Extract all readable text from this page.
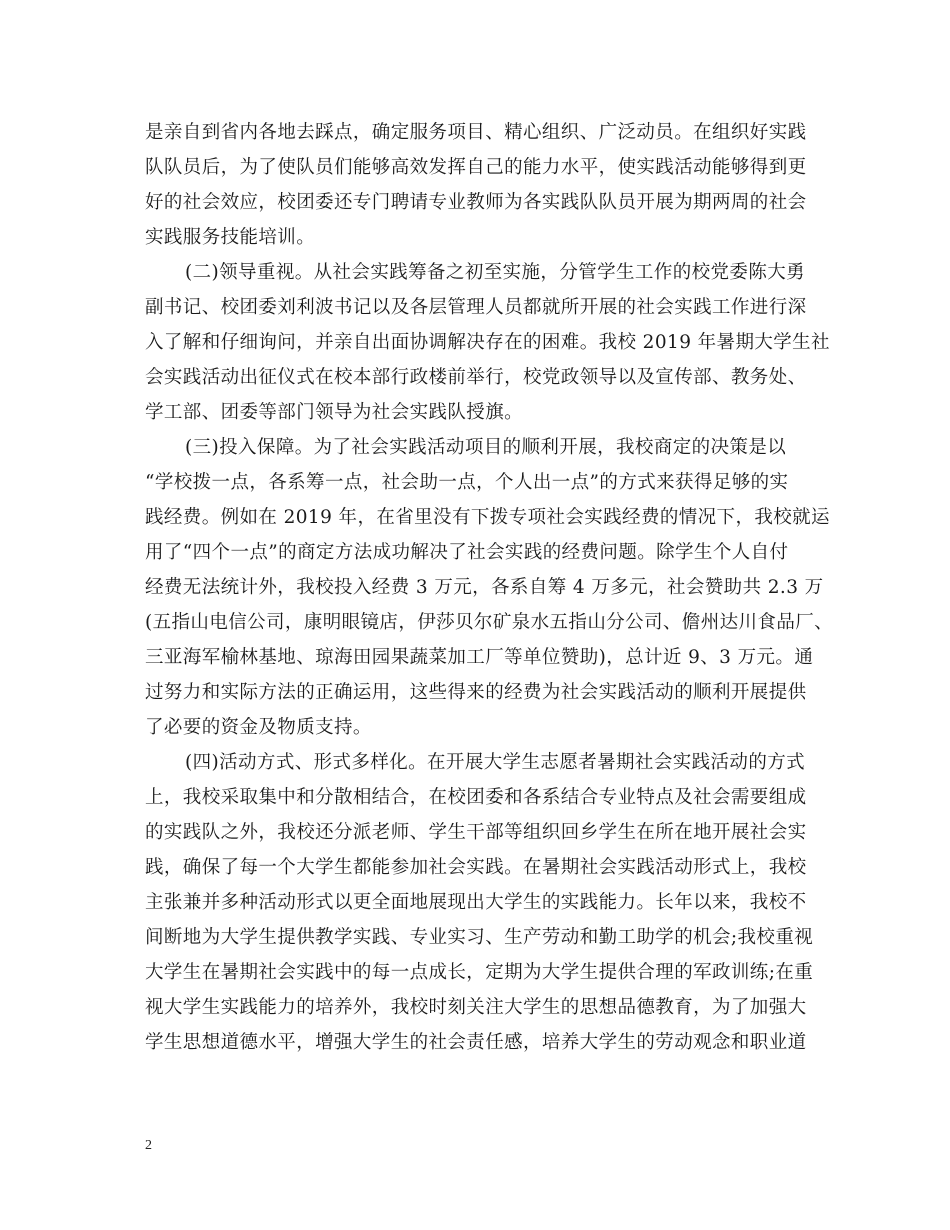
是亲自到省内各地去踩点，确定服务项目、精心组织、广泛动员。在组织好实践
队队员后，为了使队员们能够高效发挥自己的能力水平，使实践活动能够得到更
好的社会效应，校团委还专门聘请专业教师为各实践队队员开展为期两周的社会
实践服务技能培训。
(二)领导重视。从社会实践筹备之初至实施，分管学生工作的校党委陈大勇
副书记、校团委刘利波书记以及各层管理人员都就所开展的社会实践工作进行深
入了解和仔细询问，并亲自出面协调解决存在的困难。我校 2019 年暑期大学生社
会实践活动出征仪式在校本部行政楼前举行，校党政领导以及宣传部、教务处、
学工部、团委等部门领导为社会实践队授旗。
(三)投入保障。为了社会实践活动项目的顺利开展，我校商定的决策是以
“学校拨一点，各系筹一点，社会助一点，个人出一点”的方式来获得足够的实
践经费。例如在 2019 年，在省里没有下拨专项社会实践经费的情况下，我校就运
用了“四个一点”的商定方法成功解决了社会实践的经费问题。除学生个人自付
经费无法统计外，我校投入经费 3 万元，各系自筹 4 万多元，社会赞助共 2.3 万
(五指山电信公司，康明眼镜店，伊莎贝尔矿泉水五指山分公司、儋州达川食品厂、
三亚海军榆林基地、琼海田园果蔬菜加工厂等单位赞助)，总计近 9、3 万元。通
过努力和实际方法的正确运用，这些得来的经费为社会实践活动的顺利开展提供
了必要的资金及物质支持。
(四)活动方式、形式多样化。在开展大学生志愿者暑期社会实践活动的方式
上，我校采取集中和分散相结合，在校团委和各系结合专业特点及社会需要组成
的实践队之外，我校还分派老师、学生干部等组织回乡学生在所在地开展社会实
践，确保了每一个大学生都能参加社会实践。在暑期社会实践活动形式上，我校
主张兼并多种活动形式以更全面地展现出大学生的实践能力。长年以来，我校不
间断地为大学生提供教学实践、专业实习、生产劳动和勤工助学的机会;我校重视
大学生在暑期社会实践中的每一点成长，定期为大学生提供合理的军政训练;在重
视大学生实践能力的培养外，我校时刻关注大学生的思想品德教育，为了加强大
学生思想道德水平，增强大学生的社会责任感，培养大学生的劳动观念和职业道
2
